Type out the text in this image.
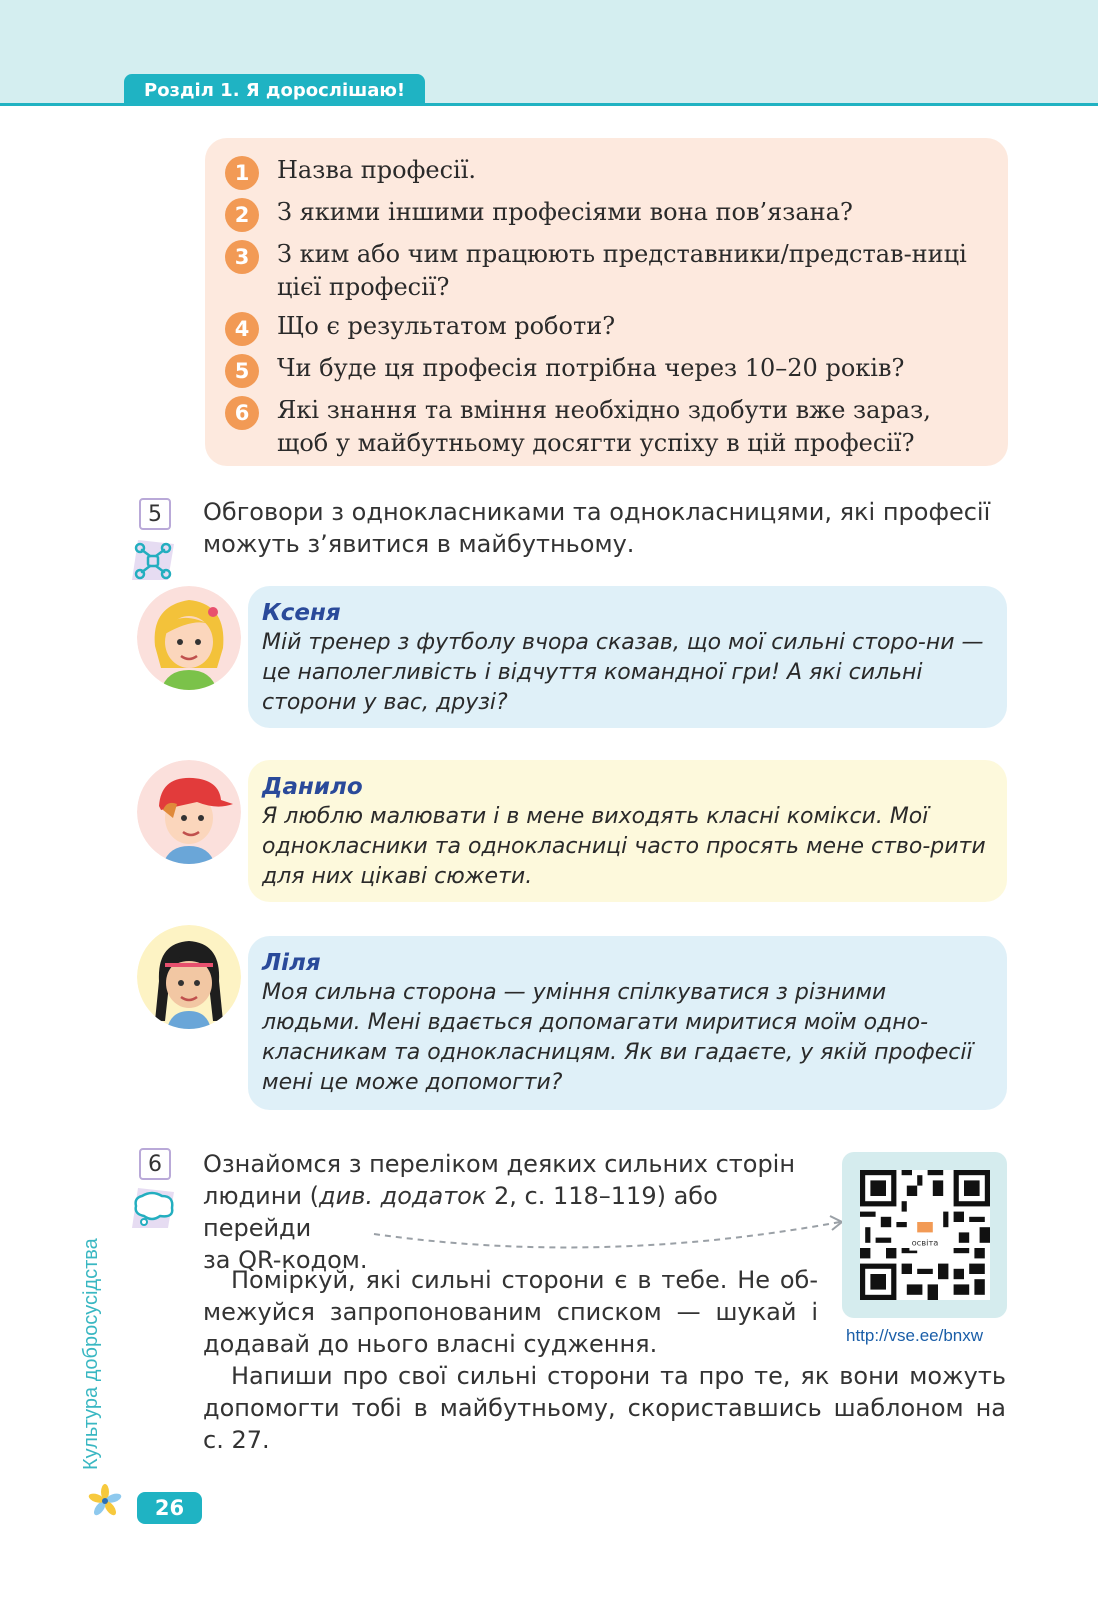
Розділ 1. Я дорослішаю!
1	Назва професії.
2	З якими іншими професіями вона пов’язана?
3	З ким або чим працюють представники/представ-ниці цієї професії?
4	Що є результатом роботи?
5	Чи буде ця професія потрібна через 10–20 років?
6	Які знання та вміння необхідно здобути вже зараз, щоб у майбутньому досягти успіху в цій професії?
5	Обговори з однокласниками та однокласницями, які професії можуть з’явитися в майбутньому.
Ксеня
Мій тренер з футболу вчора сказав, що мої сильні сторо-ни — це наполегливість і відчуття командної гри! А які сильні сторони у вас, друзі?
Данило
Я люблю малювати і в мене виходять класні комікси. Мої однокласники та однокласниці часто просять мене ство-рити для них цікаві сюжети.
Ліля
Моя сильна сторона — уміння спілкуватися з різними людьми. Мені вдається допомагати миритися моїм одно-класникам та однокласницям. Як ви гадаєте, у якій професії мені це може допомогти?
6	Ознайомся з переліком деяких сильних сторін
людини (див. додаток 2, с. 118–119) або перейди
за QR-кодом.
освіта
http://vse.ee/bnxw
Поміркуй, які сильні сторони є в тебе. Не об-межуйся запропонованим списком — шукай і додавай до нього власні судження.
Напиши про свої сильні сторони та про те, як вони можуть допомогти тобі в майбутньому, скориставшись шаблоном на с. 27.
Культура добросусідства
26
